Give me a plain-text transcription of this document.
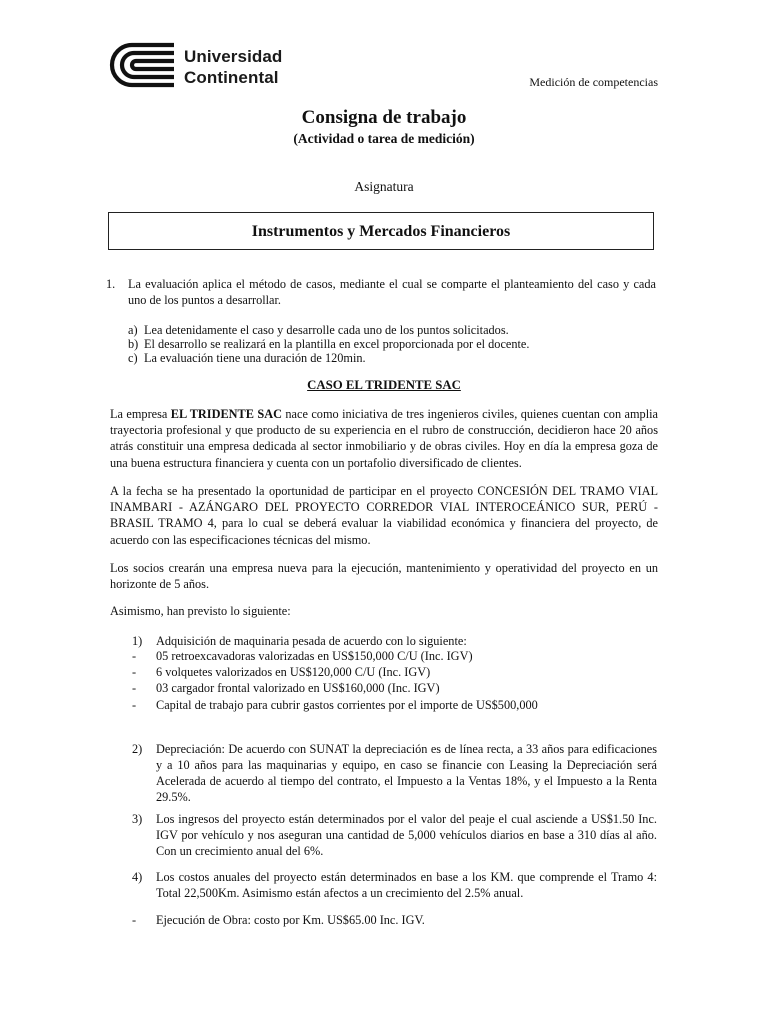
Universidad
Continental	Medición de competencias
Consigna de trabajo
(Actividad o tarea de medición)
Asignatura
Instrumentos y Mercados Financieros
1. La evaluación aplica el método de casos, mediante el cual se comparte el planteamiento del caso y cada uno de los puntos a desarrollar.
a) Lea detenidamente el caso y desarrolle cada uno de los puntos solicitados.
b) El desarrollo se realizará en la plantilla en excel proporcionada por el docente.
c) La evaluación tiene una duración de 120min.
CASO EL TRIDENTE SAC
La empresa EL TRIDENTE SAC nace como iniciativa de tres ingenieros civiles, quienes cuentan con amplia trayectoria profesional y que producto de su experiencia en el rubro de construcción, decidieron hace 20 años atrás constituir una empresa dedicada al sector inmobiliario y de obras civiles. Hoy en día la empresa goza de una buena estructura financiera y cuenta con un portafolio diversificado de clientes.
A la fecha se ha presentado la oportunidad de participar en el proyecto CONCESIÓN DEL TRAMO VIAL INAMBARI - AZÁNGARO DEL PROYECTO CORREDOR VIAL INTEROCEÁNICO SUR, PERÚ - BRASIL TRAMO 4, para lo cual se deberá evaluar la viabilidad económica y financiera del proyecto, de acuerdo con las especificaciones técnicas del mismo.
Los socios crearán una empresa nueva para la ejecución, mantenimiento y operatividad del proyecto en un horizonte de 5 años.
Asimismo, han previsto lo siguiente:
1) Adquisición de maquinaria pesada de acuerdo con lo siguiente:
- 05 retroexcavadoras valorizadas en US$150,000 C/U (Inc. IGV)
- 6 volquetes valorizados en US$120,000 C/U (Inc. IGV)
- 03 cargador frontal valorizado en US$160,000 (Inc. IGV)
- Capital de trabajo para cubrir gastos corrientes por el importe de US$500,000
2) Depreciación: De acuerdo con SUNAT la depreciación es de línea recta, a 33 años para edificaciones y a 10 años para las maquinarias y equipo, en caso se financie con Leasing la Depreciación será Acelerada de acuerdo al tiempo del contrato, el Impuesto a la Ventas 18%, y el Impuesto a la Renta 29.5%.
3) Los ingresos del proyecto están determinados por el valor del peaje el cual asciende a US$1.50 Inc. IGV por vehículo y nos aseguran una cantidad de 5,000 vehículos diarios en base a 310 días al año. Con un crecimiento anual del 6%.
4) Los costos anuales del proyecto están determinados en base a los KM. que comprende el Tramo 4: Total 22,500Km. Asimismo están afectos a un crecimiento del 2.5% anual.
- Ejecución de Obra: costo por Km. US$65.00 Inc. IGV.
